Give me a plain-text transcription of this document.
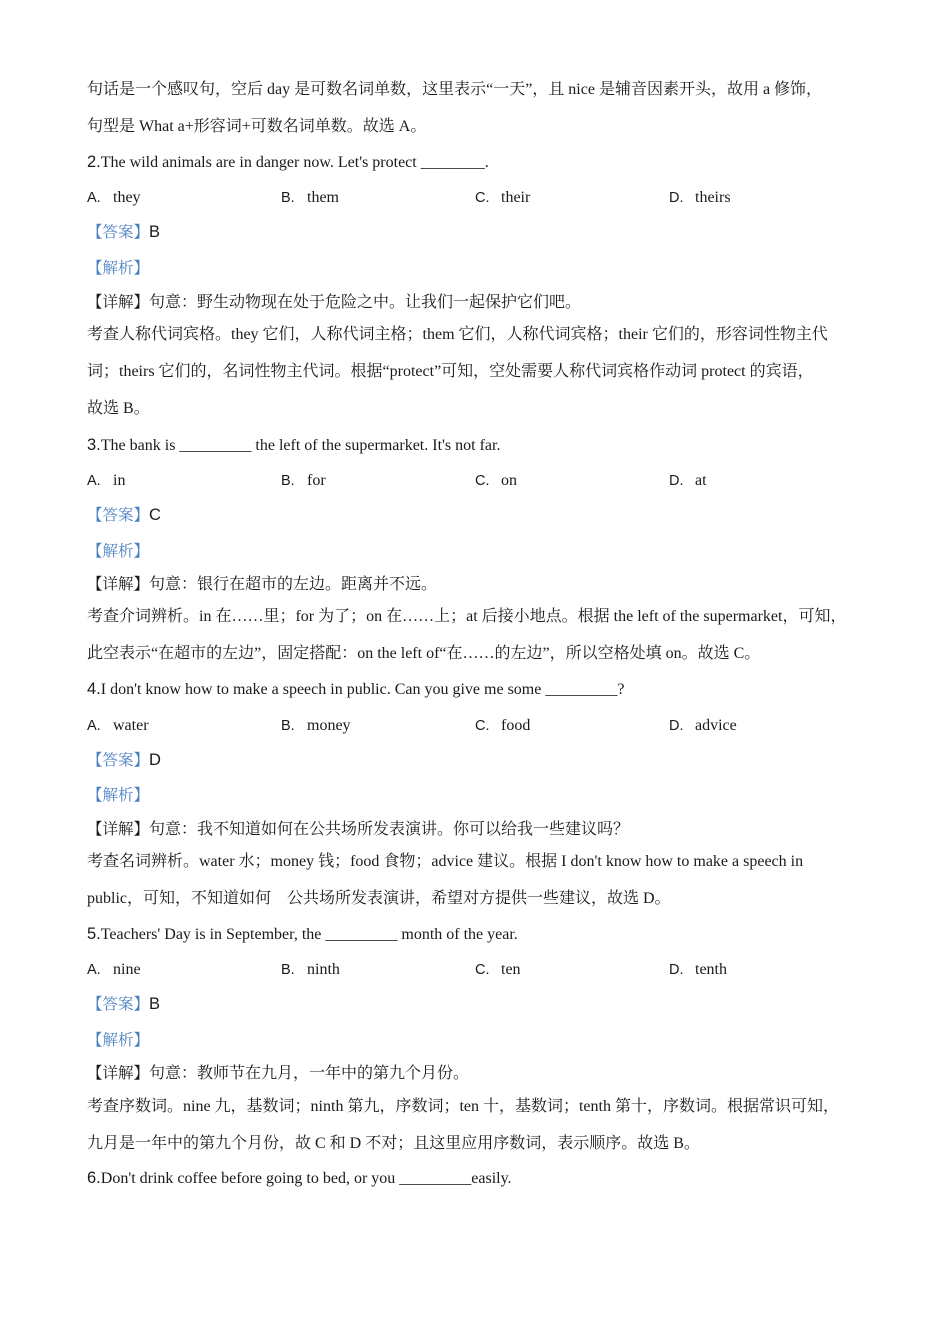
句话是一个感叹句，空后 day 是可数名词单数，这里表示“一天”，且 nice 是辅音因素开头，故用 a 修饰，
句型是 What a+形容词+可数名词单数。故选 A。
2.The wild animals are in danger now. Let's protect ________.
A. they	B. them	C. their	D. theirs
【答案】B
【解析】
【详解】句意：野生动物现在处于危险之中。让我们一起保护它们吧。
考查人称代词宾格。they 它们，人称代词主格；them 它们，人称代词宾格；their 它们的，形容词性物主代
词；theirs 它们的，名词性物主代词。根据“protect”可知，空处需要人称代词宾格作动词 protect 的宾语，
故选 B。
3.The bank is _________ the left of the supermarket. It's not far.
A. in	B. for	C. on	D. at
【答案】C
【解析】
【详解】句意：银行在超市的左边。距离并不远。
考查介词辨析。in 在……里；for 为了；on 在……上；at 后接小地点。根据 the left of the supermarket，可知，
此空表示“在超市的左边”，固定搭配：on the left of“在……的左边”，所以空格处填 on。故选 C。
4.I don't know how to make a speech in public. Can you give me some _________?
A. water	B. money	C. food	D. advice
【答案】D
【解析】
【详解】句意：我不知道如何在公共场所发表演讲。你可以给我一些建议吗？
考查名词辨析。water 水；money 钱；food 食物；advice 建议。根据 I don't know how to make a speech in
public，可知，不知道如何　公共场所发表演讲，希望对方提供一些建议，故选 D。
5.Teachers' Day is in September, the _________ month of the year.
A. nine	B. ninth	C. ten	D. tenth
【答案】B
【解析】
【详解】句意：教师节在九月，一年中的第九个月份。
考查序数词。nine 九，基数词；ninth 第九，序数词；ten 十，基数词；tenth 第十，序数词。根据常识可知，
九月是一年中的第九个月份，故 C 和 D 不对；且这里应用序数词，表示顺序。故选 B。
6.Don't drink coffee before going to bed, or you _________easily.
